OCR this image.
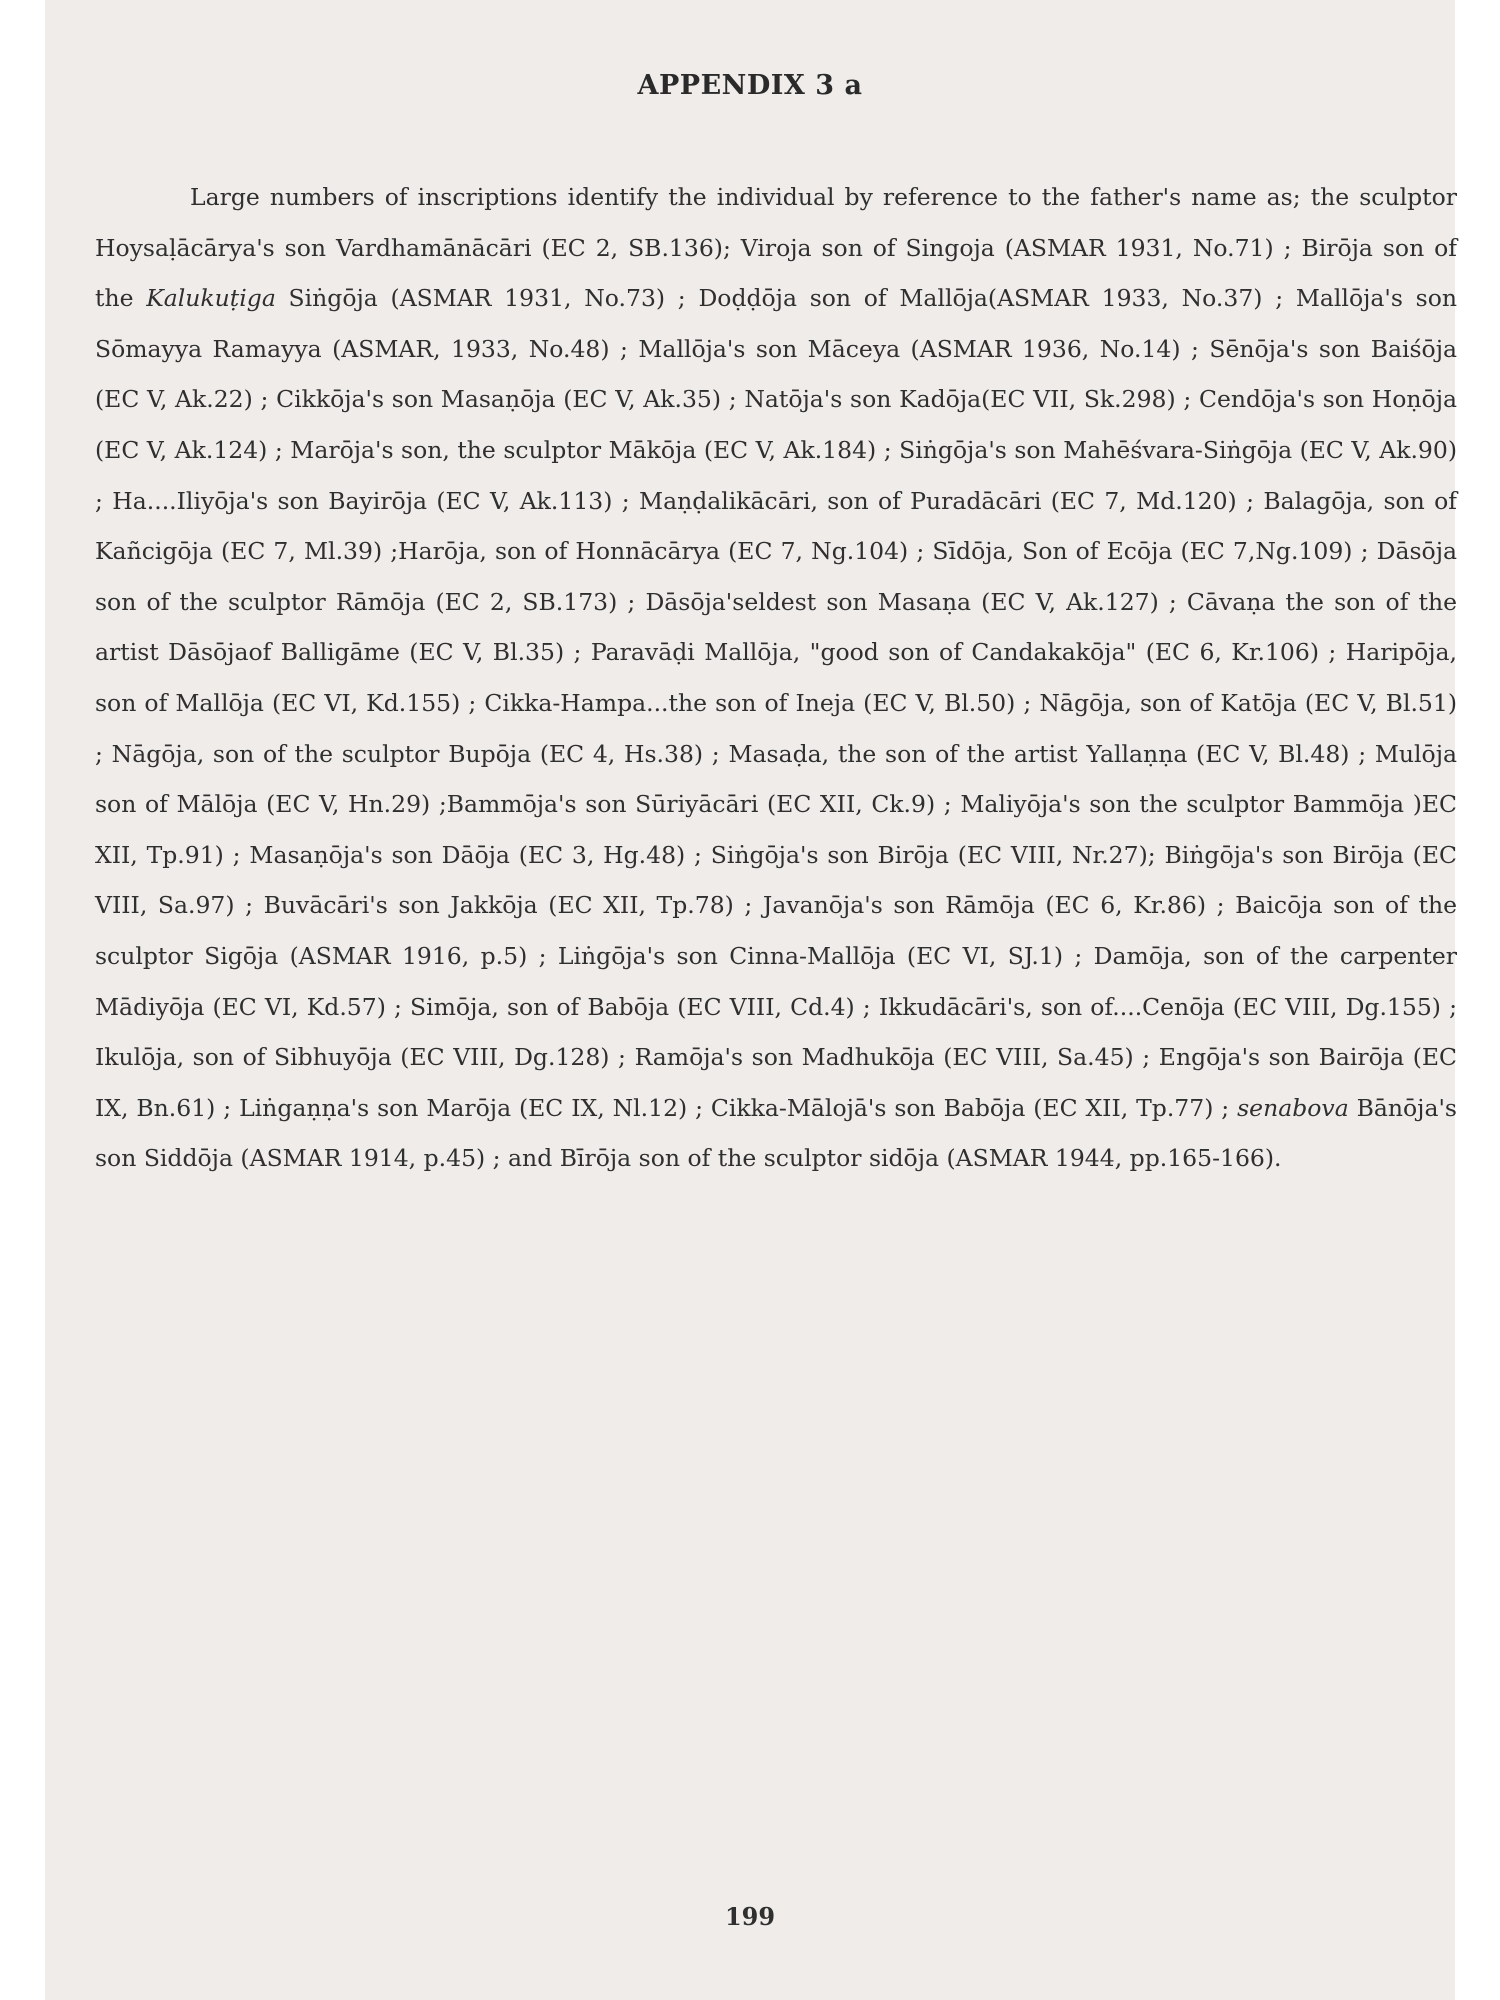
APPENDIX 3 a

Large numbers of inscriptions identify the individual by reference to the father's name as; the sculptor Hoysaḷācārya's son Vardhamānācāri (EC 2, SB.136); Viroja son of Singoja (ASMAR 1931, No.71) ; Birōja son of the Kalukuṭiga Siṅgōja (ASMAR 1931, No.73) ; Doḍḍōja son of Mallōja(ASMAR 1933, No.37) ; Mallōja's son Sōmayya Ramayya (ASMAR, 1933, No.48) ; Mallōja's son Māceya (ASMAR 1936, No.14) ; Sēnōja's son Baiśōja (EC V, Ak.22) ; Cikkōja's son Masaṇōja (EC V, Ak.35) ; Natōja's son Kadōja(EC VII, Sk.298) ; Cendōja's son Hoṇōja (EC V, Ak.124) ; Marōja's son, the sculptor Mākōja (EC V, Ak.184) ; Siṅgōja's son Mahēśvara-Siṅgōja (EC V, Ak.90) ; Ha....Iliyōja's son Bayirōja (EC V, Ak.113) ; Maṇḍalikācāri, son of Puradācāri (EC 7, Md.120) ; Balagōja, son of Kañcigōja (EC 7, Ml.39) ;Harōja, son of Honnācārya (EC 7, Ng.104) ; Sīdōja, Son of Ecōja (EC 7,Ng.109) ; Dāsōja son of the sculptor Rāmōja (EC 2, SB.173) ; Dāsōja'seldest son Masaṇa (EC V, Ak.127) ; Cāvaṇa the son of the artist Dāsōjaof Balligāme (EC V, Bl.35) ; Paravāḍi Mallōja, "good son of Candakakōja" (EC 6, Kr.106) ; Haripōja, son of Mallōja (EC VI, Kd.155) ; Cikka-Hampa...the son of Ineja (EC V, Bl.50) ; Nāgōja, son of Katōja (EC V, Bl.51) ; Nāgōja, son of the sculptor Bupōja (EC 4, Hs.38) ; Masaḍa, the son of the artist Yallaṇṇa (EC V, Bl.48) ; Mulōja son of Mālōja (EC V, Hn.29) ;Bammōja's son Sūriyācāri (EC XII, Ck.9) ; Maliyōja's son the sculptor Bammōja )EC XII, Tp.91) ; Masaṇōja's son Dāōja (EC 3, Hg.48) ; Siṅgōja's son Birōja (EC VIII, Nr.27); Biṅgōja's son Birōja (EC VIII, Sa.97) ; Buvācāri's son Jakkōja (EC XII, Tp.78) ; Javanōja's son Rāmōja (EC 6, Kr.86) ; Baicōja son of the sculptor Sigōja (ASMAR 1916, p.5) ; Liṅgōja's son Cinna-Mallōja (EC VI, SJ.1) ; Damōja, son of the carpenter Mādiyōja (EC VI, Kd.57) ; Simōja, son of Babōja (EC VIII, Cd.4) ; Ikkudācāri's, son of....Cenōja (EC VIII, Dg.155) ; Ikulōja, son of Sibhuyōja (EC VIII, Dg.128) ; Ramōja's son Madhukōja (EC VIII, Sa.45) ; Engōja's son Bairōja (EC IX, Bn.61) ; Liṅgaṇṇa's son Marōja (EC IX, Nl.12) ; Cikka-Mālojā's son Babōja (EC XII, Tp.77) ; senabova Bānōja's son Siddōja (ASMAR 1914, p.45) ; and Bīrōja son of the sculptor sidōja (ASMAR 1944, pp.165-166).

199
